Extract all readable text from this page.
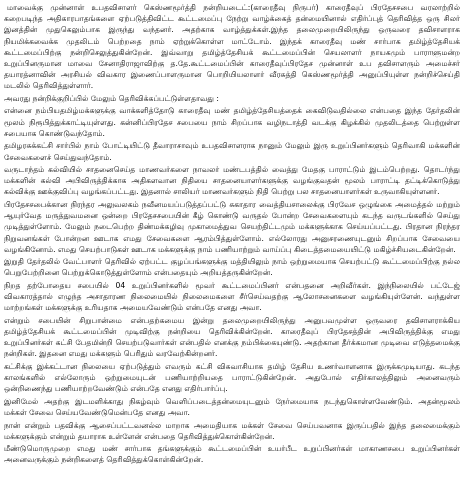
மாவைக்கு முன்னாள் உபதவிசாளர் கெஸ்ணமூர்த்தி நன்றியடைட்:(காரைதீவு நிருபர்) காரைதீவுப் பிரதேசசபை வரலாற்றில் கறைபடிந்த அதிகாரபாதங்களை ஏற்படுத்திவிட்ட கூட்டமைப்பு நேற்று வாழ்க்கைத் தன்மையினால் எதிர்ப்புத் தெரிவித்த ஒரு சிலர் இனத்தின் முதுகெலும்பாக இருந்து வந்தனர். அதற்காக வாழ்த்துக்கள்.இந்த தலைமுறையிலிருந்து ஒருவரை தவிசாளராக நியமிக்கவைக்க முதலிடம் பெற்றதை நாம் ஏற்றுக்கொள்ள மாட்டோம். இந்தக் காரைதீவு மண் சார்பாக தமிழ்த்தேசியக் கூட்டமைப்பிற்கு நன்றிசெலுத்துகின்றேன். இவ்வாறு தமிழ்த்தேசியக் கூட்டமைப்பின் செயலாளர் நாயகமும் பாராளுமன்ற உறுப்பினருமான மாவை சேனாதிராஜாவிற்கு த.தே.கூட்டமைப்பின் காரைதீவுப்பிரதேச முன்னாள் உப தவிசாளரும் அமைச்சர் தயாரத்னாவின் அரசியல் விவகார இணைப்பாளருமான பொறியியலாளர் வீரசுத்தி கெஸ்ணமூர்த்தி அனுப்பியுள்ள நன்றிச்செய்தி மடலில் தெரிவித்துள்ளார்.

அவரது நன்றிக்குறிப்பில் மேலும் தெரிவிக்கப்பட்டுள்ளதாவது :

என்னை நம்பியதமிழ்மக்களுக்கு வாக்களித்தோடு காரைதீவு மண் தமிழ்த்தேசியத்தைக் கைவிடுவதில்லை என்பதை இந்த தேர்தலின் மூலம் நிரூபித்துக்காட்டியுள்ளது. கன்னிப்பிரதேச சபையை நாம் சிறப்பாக வழிநடாத்தி வடக்கு கிழக்கில் முதலிடத்தை பெற்றுள்ள சபையாக கொண்டுவந்தோம்.

தமிழரசுக்கட்சி சார்பில் நாம் போட்டியிட்டு தீவாராசாவும் உபதவிசாளராக நானும் மேலும் இரு உறுப்பினர்களும் தெரிவாகி மக்களின் சேவைகளைச் செய்துவந்தோம்.

வருடாந்தம் கல்வியில் சாதனைசெய்த மாணவர்களை நாவலர் மண்டபத்தில் வைத்து மேதகு பாராட்டும் இடம்பெற்றது. தொடர்ந்து மக்களின் கல்வி அபிவிருத்திக்காக அதிகளவான நிதியை சாதனையாளர்களுக்கு வழங்குவதன் மூலம் பாராட்டி தட்டிக்கொடுத்து கல்விக்கு ஊக்குவிப்பு வழங்கப்பட்டது. இதனால் சாலியர் மாணவர்களும் நிதி பெற்று பல சாதனையாளர்கள் உருவாகியுள்ளனர்.

பிரதேசசபைக்கான நிரந்தர அலுவலகம் நவீனமயப்படுத்தப்பட்டு சுகாதார வைத்தியசாலைக்கு பிரவேச ஒழுங்கை அமைத்தல் மற்றும் ஆயுர்வேத மருத்துவமனை ஒன்றை பிரதேசசபையின் கீழ் கொண்டு வருதல் போன்ற சேவைகளையும் கடந்த வருடங்களில் செய்து முடித்துள்ளோம். மேலும் நடைபெற்ற திண்மக்கழிவு முகாமைத்துவ செயற்திட்டமும் மக்களுக்காக செய்யப்பட்டது. பிரதான நிரந்தர நிறுவனங்கள் போன்றன ஊடாக எமது சேவைகளை ஆரம்பித்துள்ளோம். எல்லோரது அனுசரணையுடனும் சிறப்பாக சேவையை வழங்கினோம். எமது செயற்பாடுகள் ஊடாக மக்களுக்கு நாம் பணியாற்றும் வாய்ப்பு கிடைத்தமையையிட்டு மகிழ்ச்சியடைகின்றேன்.

இறுதி தேர்தலில் வேட்பாளர் தெரிவில் ஏற்பட்ட குழப்பங்களுக்கு மத்தியிலும் நாம் ஒற்றுமையாக செயற்பட்டு கூட்டமைப்பிற்கு நல்ல பெறுபேற்றினை பெற்றுக்கொடுத்துள்ளோம் என்பதையும் அறியத்தருகின்றேன்.

நிறத தற்போதைய சபையில் 04 உறுப்பினர்களில் மூவர் கூட்டமைப்பினர் என்பதனை அறிவீர்கள். இந்நிலையில் பட்டேஜ் விவகாரத்தால் எழுந்த அசாதாரண நிலைமையில் நிலைமைகளை சீர்செய்வதற்கு ஆலோசனைகளை வழங்கியுள்ளேன். வந்துள்ள மாற்றங்கள் மக்களுக்கு உரியதாக அமையவேண்டும் என்பதே எனது அவா.

என்றும் சபையின் சிறுபான்மை என்பதற்கமைய இன்று தலைமுறையிலிருந்து அனுபவமுள்ள ஒருவரை தவிசாளராக்கிய தமிழ்த்தேசியக் கூட்டமைப்பின் முடிவிற்கு நன்றியை தெரிவிக்கின்றேன். காரைதீவுப் பிரதேசத்தின் அபிவிருத்திக்கு எமது உறுப்பினர்கள் கட்சி பேதமின்றி செயற்படுவார்கள் என்பதில் எனக்கு நம்பிக்கையுண்டு. அதற்கான தீர்க்கமான முடிவை எடுத்தமைக்கு நன்றிகள். இதனை எமது மக்களும் பெரிதும் வரவேற்கின்றனர்.

கட்சிக்கு இக்கட்டான நிலையை ஏற்படுத்தும் எவரும் கட்சி விசுவாசியாக தமிழ் தேசிய உணர்வாளனாக இருக்கமுடியாது. கடந்த காலங்களில் எல்லோரும் ஒற்றுமையுடன் பணியாற்றியதை பாராட்டுகின்றேன். அதுபோல் எதிர்காலத்திலும் அனைவரும் ஒன்றிணைந்து பணியாற்றவேண்டும் என்பதே எனது எதிர்பார்ப்பு.

இனிமேல் அதற்கு இடமளிக்காது நிகழ்வும் வெளிப்படைத்தன்மையுடனும் நேர்மையாக நடந்துகொள்ளவேண்டும். அதன்மூலம் மக்கள் சேவை செய்யவேண்டுமென்பதே எனது அவா.

நான் என்றும் பதவிக்கு ஆசைப்பட்டவனல்ல மாறாக அமைதியாக மக்கள் சேவை செய்பவனாக இருப்பதில் இந்த தலைமைக்கும் மக்களுக்கும் என்றும் தயாராக உள்ளேன் என்பதை தெரிவித்துக்கொள்கின்றேன்.

மீண்டுமொருமுறை எமது மண் சார்பாக தங்களுக்கும் கூட்டமைப்பின் உயர்பீட உறுப்பினர்கள் மாகாணசபை உறுப்பினர்கள் அனைவருக்கும் நன்றிகளைத் தெரிவித்துக்கொள்கின்றேன்.
